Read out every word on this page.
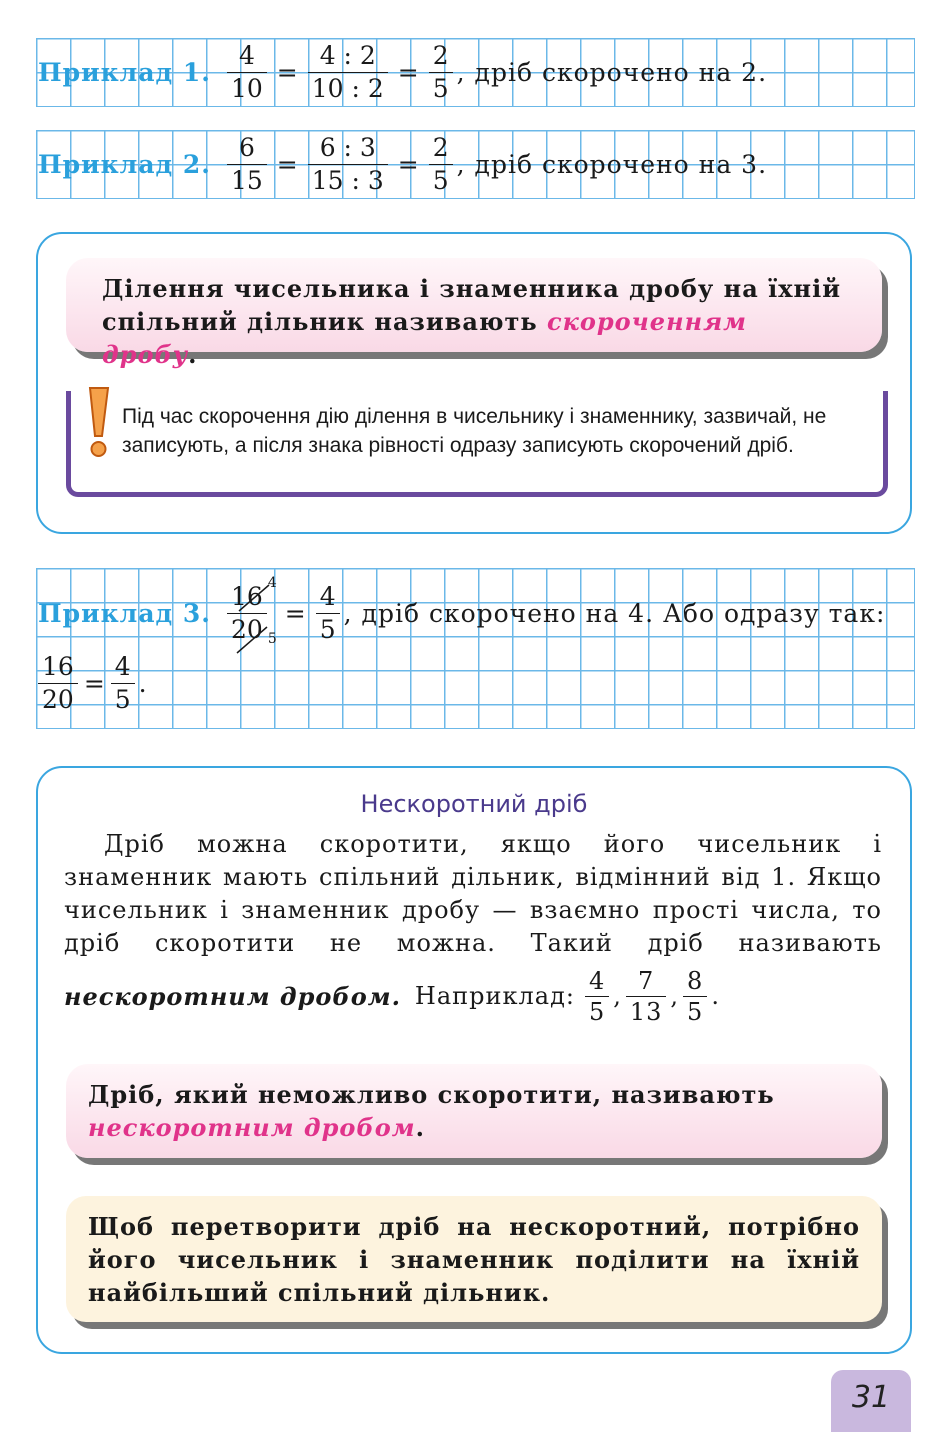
Приклад 1. $\frac{4}{10} = \frac{4 : 2}{10 : 2} = \frac{2}{5}$ , дріб скорочено на 2.
Приклад 2. $\frac{6}{15} = \frac{6 : 3}{15 : 3} = \frac{2}{5}$ , дріб скорочено на 3.
Ділення чисельника і знаменника дробу на їхній спільний дільник називають скороченням дробу.
Під час скорочення дію ділення в чисельнику і знаменнику, зазвичай, не записують, а після знака рівності одразу записують скорочений дріб.
Приклад 3. $\frac{16 4}{20 5} = \frac{4}{5}$ , дріб скорочено на 4. Або одразу так:
$\frac{16}{20} = \frac{4}{5}$ .
Нескоротний дріб
Дріб можна скоротити, якщо його чисельник і знаменник мають спільний дільник, відмінний від 1. Якщо чисельник і знаменник дробу — взаємно прості числа, то дріб скоротити не можна. Такий дріб називають
нескоротним дробом. Наприклад: $\frac{4}{5}$ , $\frac{7}{13}$ , $\frac{8}{5}$ .
Дріб, який неможливо скоротити, називають нескоротним дробом.
Щоб перетворити дріб на нескоротний, потрібно його чисельник і знаменник поділити на їхній найбільший спільний дільник.
31
